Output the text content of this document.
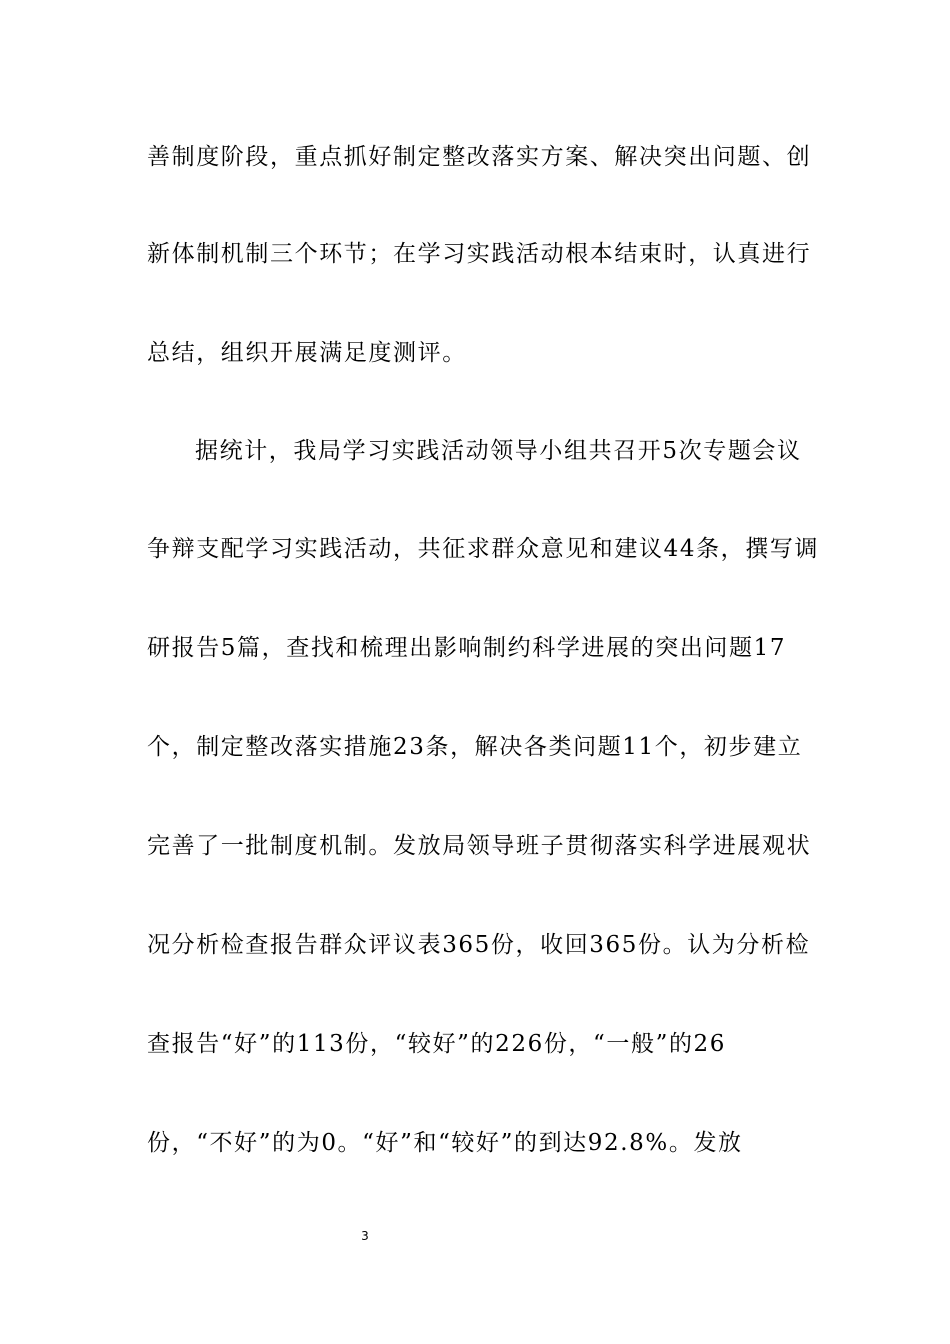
善制度阶段，重点抓好制定整改落实方案、解决突出问题、创
新体制机制三个环节；在学习实践活动根本结束时，认真进行
总结，组织开展满足度测评。
据统计，我局学习实践活动领导小组共召开5次专题会议
争辩支配学习实践活动，共征求群众意见和建议44条，撰写调
研报告5篇，查找和梳理出影响制约科学进展的突出问题17
个，制定整改落实措施23条，解决各类问题11个，初步建立
完善了一批制度机制。发放局领导班子贯彻落实科学进展观状
况分析检查报告群众评议表365份，收回365份。认为分析检
查报告“好”的113份，“较好”的226份，“一般”的26
份，“不好”的为0。“好”和“较好”的到达92.8%。发放
3
